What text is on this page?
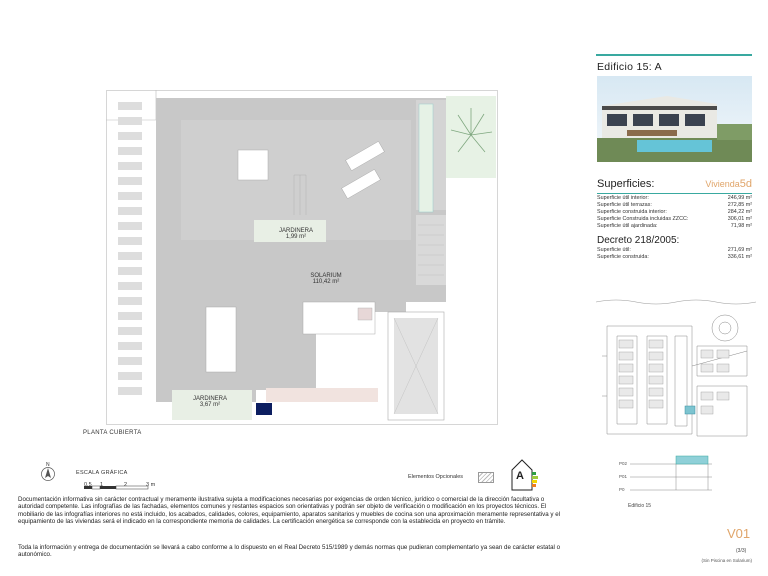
JARDINERA
1,99 m²
SOLARIUM
110,42 m²
JARDINERA
3,67 m²
PLANTA CUBIERTA
N
ESCALA GRÁFICA
0.5 1	2	3 m
Elementos Opcionales	A
Documentación informativa sin carácter contractual y meramente ilustrativa sujeta a modificaciones necesarias por exigencias de orden técnico, jurídico o comercial de la dirección facultativa o autoridad competente. Las infografías de las fachadas, elementos comunes y restantes espacios son orientativas y podrán ser objeto de verificación o modificación en los proyectos técnicos. El mobiliario de las infografías interiores no está incluido, los acabados, calidades, colores, equipamiento, aparatos sanitarios y muebles de cocina son una aproximación meramente representativa y el equipamiento de las viviendas será el indicado en la correspondiente memoria de calidades. La certificación energética se corresponde con la establecida en proyecto en trámite.
Toda la información y entrega de documentación se llevará a cabo conforme a lo dispuesto en el Real Decreto 515/1989 y demás normas que pudieran complementarlo ya sean de carácter estatal o autonómico.
Edificio 15: A
Superficies:	Vivienda5d
Superficie útil interior:	246,99 m²
Superficie útil terrazas:	272,85 m²
Superficie construida interior:	284,22 m²
Superficie Construida incluidas ZZCC:	306,01 m²
Superficie útil ajardinada:	71,98 m²
Decreto 218/2005:
Superficie útil:	271,69 m²
Superficie construida:	336,61 m²
P02
P01
P0
Edificio 15
V01
(3/3)
(Sin Piscina en Solarium)
